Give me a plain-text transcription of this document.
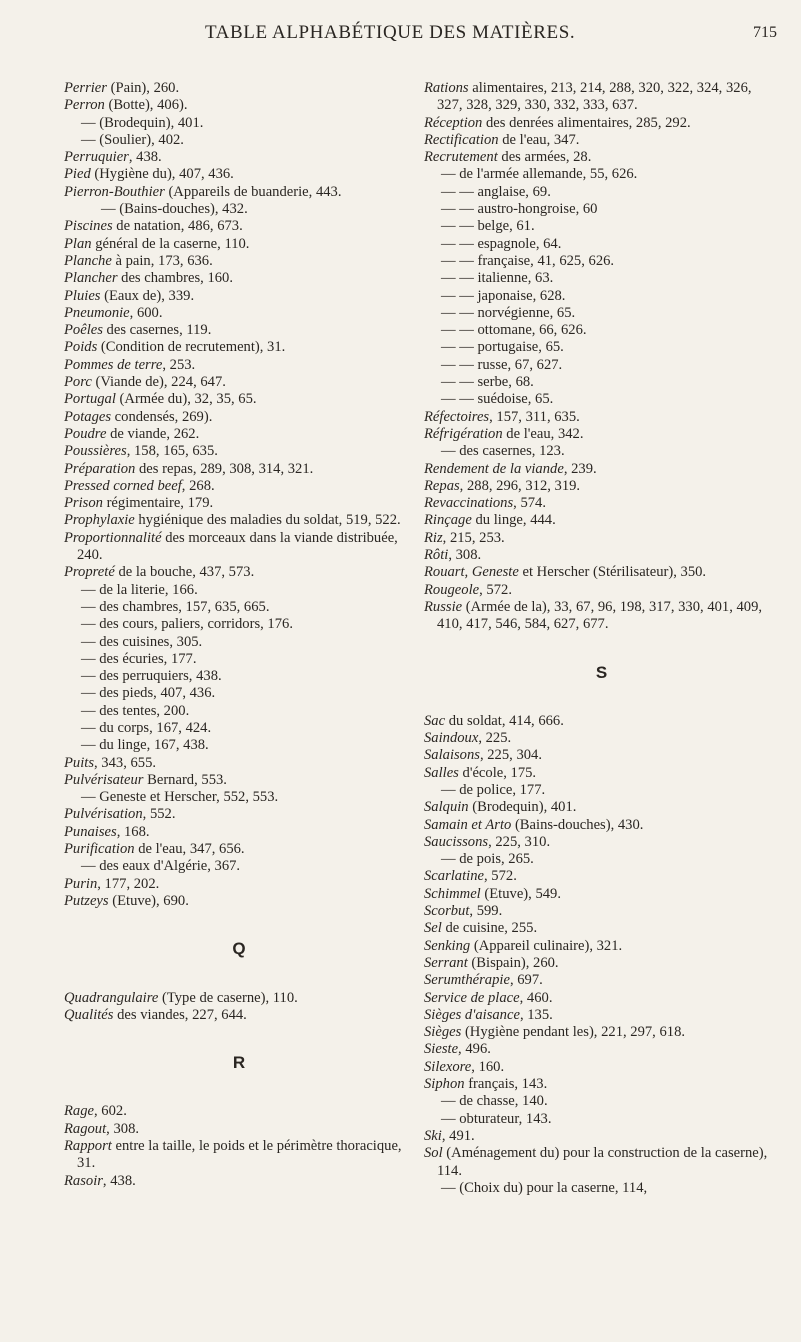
TABLE ALPHABÉTIQUE DES MATIÈRES.	715
Perrier (Pain), 260.
Perron (Botte), 406).
— (Brodequin), 401.
— (Soulier), 402.
Perruquier, 438.
Pied (Hygiène du), 407, 436.
Pierron-Bouthier (Appareils de buanderie, 443.
— (Bains-douches), 432.
Piscines de natation, 486, 673.
Plan général de la caserne, 110.
Planche à pain, 173, 636.
Plancher des chambres, 160.
Pluies (Eaux de), 339.
Pneumonie, 600.
Poêles des casernes, 119.
Poids (Condition de recrutement), 31.
Pommes de terre, 253.
Porc (Viande de), 224, 647.
Portugal (Armée du), 32, 35, 65.
Potages condensés, 269).
Poudre de viande, 262.
Poussières, 158, 165, 635.
Préparation des repas, 289, 308, 314, 321.
Pressed corned beef, 268.
Prison régimentaire, 179.
Prophylaxie hygiénique des maladies du soldat, 519, 522.
Proportionnalité des morceaux dans la viande distribuée, 240.
Propreté de la bouche, 437, 573.
— de la literie, 166.
— des chambres, 157, 635, 665.
— des cours, paliers, corridors, 176.
— des cuisines, 305.
— des écuries, 177.
— des perruquiers, 438.
— des pieds, 407, 436.
— des tentes, 200.
— du corps, 167, 424.
— du linge, 167, 438.
Puits, 343, 655.
Pulvérisateur Bernard, 553.
— Geneste et Herscher, 552, 553.
Pulvérisation, 552.
Punaises, 168.
Purification de l'eau, 347, 656.
— des eaux d'Algérie, 367.
Purin, 177, 202.
Putzeys (Etuve), 690.
Q
Quadrangulaire (Type de caserne), 110.
Qualités des viandes, 227, 644.
R
Rage, 602.
Ragout, 308.
Rapport entre la taille, le poids et le périmètre thoracique, 31.
Rasoir, 438.
Rations alimentaires, 213, 214, 288, 320, 322, 324, 326, 327, 328, 329, 330, 332, 333, 637.
Réception des denrées alimentaires, 285, 292.
Rectification de l'eau, 347.
Recrutement des armées, 28.
— de l'armée allemande, 55, 626.
— — anglaise, 69.
— — austro-hongroise, 60
— — belge, 61.
— — espagnole, 64.
— — française, 41, 625, 626.
— — italienne, 63.
— — japonaise, 628.
— — norvégienne, 65.
— — ottomane, 66, 626.
— — portugaise, 65.
— — russe, 67, 627.
— — serbe, 68.
— — suédoise, 65.
Réfectoires, 157, 311, 635.
Réfrigération de l'eau, 342.
— des casernes, 123.
Rendement de la viande, 239.
Repas, 288, 296, 312, 319.
Revaccinations, 574.
Rinçage du linge, 444.
Riz, 215, 253.
Rôti, 308.
Rouart, Geneste et Herscher (Stérilisateur), 350.
Rougeole, 572.
Russie (Armée de la), 33, 67, 96, 198, 317, 330, 401, 409, 410, 417, 546, 584, 627, 677.
S
Sac du soldat, 414, 666.
Saindoux, 225.
Salaisons, 225, 304.
Salles d'école, 175.
— de police, 177.
Salquin (Brodequin), 401.
Samain et Arto (Bains-douches), 430.
Saucissons, 225, 310.
— de pois, 265.
Scarlatine, 572.
Schimmel (Etuve), 549.
Scorbut, 599.
Sel de cuisine, 255.
Senking (Appareil culinaire), 321.
Serrant (Bispain), 260.
Serumthérapie, 697.
Service de place, 460.
Sièges d'aisance, 135.
Sièges (Hygiène pendant les), 221, 297, 618.
Sieste, 496.
Silexore, 160.
Siphon français, 143.
— de chasse, 140.
— obturateur, 143.
Ski, 491.
Sol (Aménagement du) pour la construction de la caserne), 114.
— (Choix du) pour la caserne, 114,
